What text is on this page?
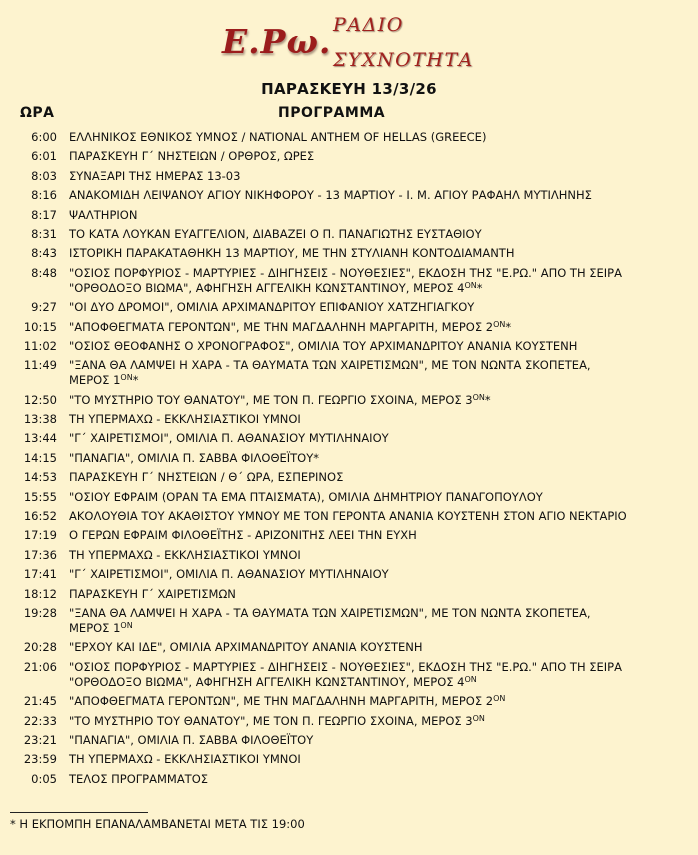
Ε.Ρω. ΡΑΔΙΟ
ΣΥΧΝΟΤΗΤΑ
ΠΑΡΑΣΚΕΥΗ 13/3/26
ΩΡΑ	ΠΡΟΓΡΑΜΜΑ
6:00 ΕΛΛΗΝΙΚΟΣ ΕΘΝΙΚΟΣ ΥΜΝΟΣ / NATIONAL ANTHEM OF HELLAS (GREECE)
6:01 ΠΑΡΑΣΚΕΥΗ Γ΄ ΝΗΣΤΕΙΩΝ / ΟΡΘΡΟΣ, ΩΡΕΣ
8:03 ΣΥΝΑΞΑΡΙ ΤΗΣ ΗΜΕΡΑΣ 13-03
8:16 ΑΝΑΚΟΜΙΔΗ ΛΕΙΨΑΝΟΥ ΑΓΙΟΥ ΝΙΚΗΦΟΡΟΥ - 13 ΜΑΡΤΙΟΥ - Ι. Μ. ΑΓΙΟΥ ΡΑΦΑΗΛ ΜΥΤΙΛΗΝΗΣ
8:17 ΨΑΛΤΗΡΙΟΝ
8:31 ΤΟ ΚΑΤΑ ΛΟΥΚΑΝ ΕΥΑΓΓΕΛΙΟΝ, ΔΙΑΒΑΖΕΙ Ο Π. ΠΑΝΑΓΙΩΤΗΣ ΕΥΣΤΑΘΙΟΥ
8:43 ΙΣΤΟΡΙΚΗ ΠΑΡΑΚΑΤΑΘΗΚΗ 13 ΜΑΡΤΙΟΥ, ΜΕ ΤΗΝ ΣΤΥΛΙΑΝΗ ΚΟΝΤΟΔΙΑΜΑΝΤΗ
8:48 "ΟΣΙΟΣ ΠΟΡΦΥΡΙΟΣ - ΜΑΡΤΥΡΙΕΣ - ΔΙΗΓΗΣΕΙΣ - ΝΟΥΘΕΣΙΕΣ", ΕΚΔΟΣΗ ΤΗΣ "Ε.ΡΩ." ΑΠΟ ΤΗ ΣΕΙΡΑ
"ΟΡΘΟΔΟΞΟ ΒΙΩΜΑ", ΑΦΗΓΗΣΗ ΑΓΓΕΛΙΚΗ ΚΩΝΣΤΑΝΤΙΝΟΥ, ΜΕΡΟΣ $4^{ON}*$
9:27 "ΟΙ ΔΥΟ ΔΡΟΜΟΙ", ΟΜΙΛΙΑ ΑΡΧΙΜΑΝΔΡΙΤΟΥ ΕΠΙΦΑΝΙΟΥ ΧΑΤΖΗΓΙΑΓΚΟΥ
10:15 "ΑΠΟΦΘΕΓΜΑΤΑ ΓΕΡΟΝΤΩΝ", ΜΕ ΤΗΝ ΜΑΓΔΑΛΗΝΗ ΜΑΡΓΑΡΙΤΗ, ΜΕΡΟΣ $2^{ON}*$
11:02 "ΟΣΙΟΣ ΘΕΟΦΑΝΗΣ Ο ΧΡΟΝΟΓΡΑΦΟΣ", ΟΜΙΛΙΑ ΤΟΥ ΑΡΧΙΜΑΝΔΡΙΤΟΥ ΑΝΑΝΙΑ ΚΟΥΣΤΕΝΗ
11:49 "ΞΑΝΑ ΘΑ ΛΑΜΨΕΙ Η ΧΑΡΑ - ΤΑ ΘΑΥΜΑΤΑ ΤΩΝ ΧΑΙΡΕΤΙΣΜΩΝ", ΜΕ ΤΟΝ ΝΩΝΤΑ ΣΚΟΠΕΤΕΑ,
ΜΕΡΟΣ $1^{ON}*$
12:50 "ΤΟ ΜΥΣΤΗΡΙΟ ΤΟΥ ΘΑΝΑΤΟΥ", ΜΕ ΤΟΝ Π. ΓΕΩΡΓΙΟ ΣΧΟΙΝΑ, ΜΕΡΟΣ $3^{ON}*$
13:38 ΤΗ ΥΠΕΡΜΑΧΩ - ΕΚΚΛΗΣΙΑΣΤΙΚΟΙ ΥΜΝΟΙ
13:44 "Γ΄ ΧΑΙΡΕΤΙΣΜΟΙ", ΟΜΙΛΙΑ Π. ΑΘΑΝΑΣΙΟΥ ΜΥΤΙΛΗΝΑΙΟΥ
14:15 "ΠΑΝΑΓΙΑ", ΟΜΙΛΙΑ Π. ΣΑΒΒΑ ΦΙΛΟΘΕΪΤΟΥ*
14:53 ΠΑΡΑΣΚΕΥΗ Γ΄ ΝΗΣΤΕΙΩΝ / Θ΄ ΩΡΑ, ΕΣΠΕΡΙΝΟΣ
15:55 "ΟΣΙΟΥ ΕΦΡΑΙΜ (ΟΡΑΝ ΤΑ ΕΜΑ ΠΤΑΙΣΜΑΤΑ), ΟΜΙΛΙΑ ΔΗΜΗΤΡΙΟΥ ΠΑΝΑΓΟΠΟΥΛΟΥ
16:52 ΑΚΟΛΟΥΘΙΑ ΤΟΥ ΑΚΑΘΙΣΤΟΥ ΥΜΝΟΥ ΜΕ ΤΟΝ ΓΕΡΟΝΤΑ ΑΝΑΝΙΑ ΚΟΥΣΤΕΝΗ ΣΤΟΝ ΑΓΙΟ ΝΕΚΤΑΡΙΟ
17:19 Ο ΓΕΡΩΝ ΕΦΡΑΙΜ ΦΙΛΟΘΕΪΤΗΣ - ΑΡΙΖΟΝΙΤΗΣ ΛΕΕΙ ΤΗΝ ΕΥΧΗ
17:36 ΤΗ ΥΠΕΡΜΑΧΩ - ΕΚΚΛΗΣΙΑΣΤΙΚΟΙ ΥΜΝΟΙ
17:41 "Γ΄ ΧΑΙΡΕΤΙΣΜΟΙ", ΟΜΙΛΙΑ Π. ΑΘΑΝΑΣΙΟΥ ΜΥΤΙΛΗΝΑΙΟΥ
18:12 ΠΑΡΑΣΚΕΥΗ Γ΄ ΧΑΙΡΕΤΙΣΜΩΝ
19:28 "ΞΑΝΑ ΘΑ ΛΑΜΨΕΙ Η ΧΑΡΑ - ΤΑ ΘΑΥΜΑΤΑ ΤΩΝ ΧΑΙΡΕΤΙΣΜΩΝ", ΜΕ ΤΟΝ ΝΩΝΤΑ ΣΚΟΠΕΤΕΑ,
ΜΕΡΟΣ $1^{ON}$
20:28 "ΕΡΧΟΥ ΚΑΙ ΙΔΕ", ΟΜΙΛΙΑ ΑΡΧΙΜΑΝΔΡΙΤΟΥ ΑΝΑΝΙΑ ΚΟΥΣΤΕΝΗ
21:06 "ΟΣΙΟΣ ΠΟΡΦΥΡΙΟΣ - ΜΑΡΤΥΡΙΕΣ - ΔΙΗΓΗΣΕΙΣ - ΝΟΥΘΕΣΙΕΣ", ΕΚΔΟΣΗ ΤΗΣ "Ε.ΡΩ." ΑΠΟ ΤΗ ΣΕΙΡΑ
"ΟΡΘΟΔΟΞΟ ΒΙΩΜΑ", ΑΦΗΓΗΣΗ ΑΓΓΕΛΙΚΗ ΚΩΝΣΤΑΝΤΙΝΟΥ, ΜΕΡΟΣ $4^{ON}$
21:45 "ΑΠΟΦΘΕΓΜΑΤΑ ΓΕΡΟΝΤΩΝ", ΜΕ ΤΗΝ ΜΑΓΔΑΛΗΝΗ ΜΑΡΓΑΡΙΤΗ, ΜΕΡΟΣ $2^{ON}$
22:33 "ΤΟ ΜΥΣΤΗΡΙΟ ΤΟΥ ΘΑΝΑΤΟΥ", ΜΕ ΤΟΝ Π. ΓΕΩΡΓΙΟ ΣΧΟΙΝΑ, ΜΕΡΟΣ $3^{ON}$
23:21 "ΠΑΝΑΓΙΑ", ΟΜΙΛΙΑ Π. ΣΑΒΒΑ ΦΙΛΟΘΕΪΤΟΥ
23:59 ΤΗ ΥΠΕΡΜΑΧΩ - ΕΚΚΛΗΣΙΑΣΤΙΚΟΙ ΥΜΝΟΙ
0:05 ΤΕΛΟΣ ΠΡΟΓΡΑΜΜΑΤΟΣ
* Η ΕΚΠΟΜΠΗ ΕΠΑΝΑΛΑΜΒΑΝΕΤΑΙ ΜΕΤΑ ΤΙΣ 19:00
